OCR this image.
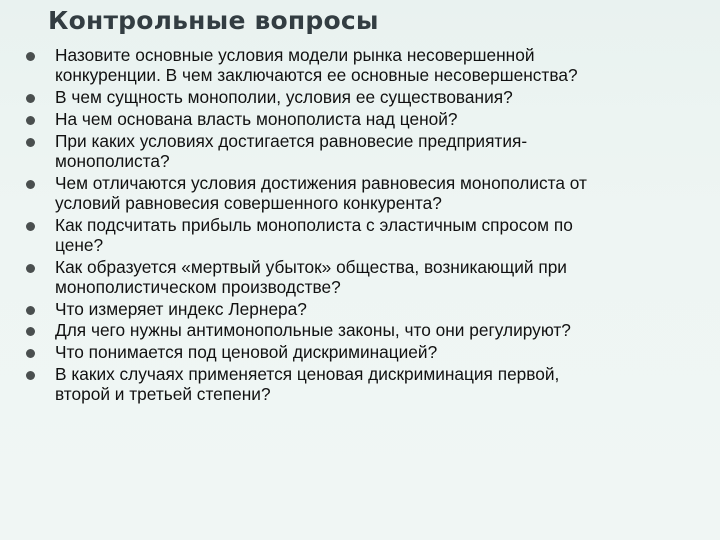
Контрольные вопросы
Назовите основные условия модели рынка несовершенной
конкуренции. В чем заключаются ее основные несовершенства?
В чем сущность монополии, условия ее существования?
На чем основана власть монополиста над ценой?
При каких условиях достигается равновесие предприятия-
монополиста?
Чем отличаются условия достижения равновесия монополиста от
условий равновесия совершенного конкурента?
Как подсчитать прибыль монополиста с эластичным спросом по
цене?
Как образуется «мертвый убыток» общества, возникающий при
монополистическом производстве?
Что измеряет индекс Лернера?
Для чего нужны антимонопольные законы, что они регулируют?
Что понимается под ценовой дискриминацией?
В каких случаях применяется ценовая дискриминация первой,
второй и третьей степени?
